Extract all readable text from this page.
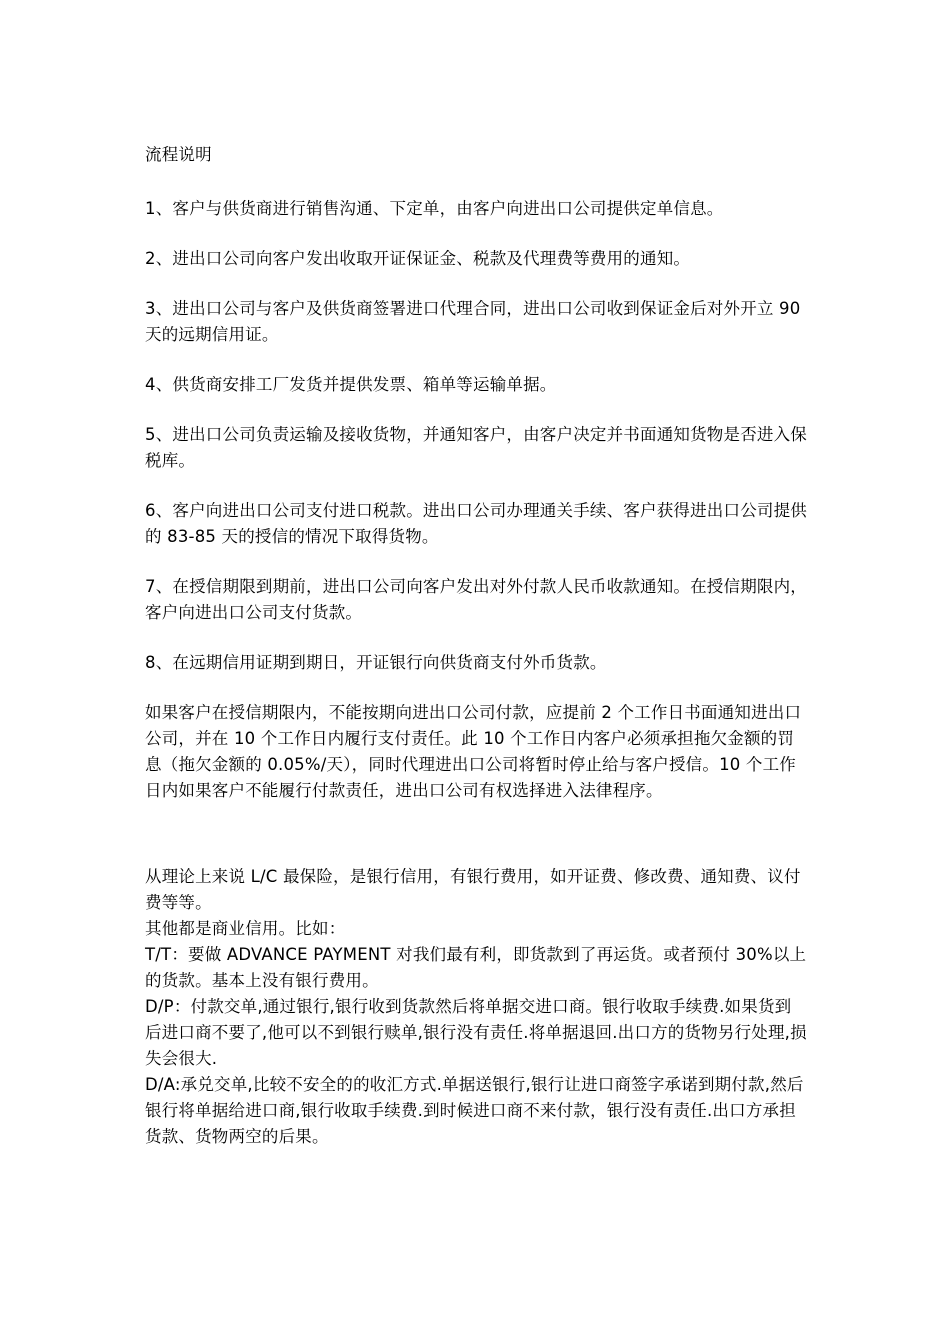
流程说明

1、客户与供货商进行销售沟通、下定单，由客户向进出口公司提供定单信息。

2、进出口公司向客户发出收取开证保证金、税款及代理费等费用的通知。

3、进出口公司与客户及供货商签署进口代理合同，进出口公司收到保证金后对外开立 90 天的远期信用证。

4、供货商安排工厂发货并提供发票、箱单等运输单据。

5、进出口公司负责运输及接收货物，并通知客户，由客户决定并书面通知货物是否进入保税库。

6、客户向进出口公司支付进口税款。进出口公司办理通关手续、客户获得进出口公司提供的 83-85 天的授信的情况下取得货物。

7、在授信期限到期前，进出口公司向客户发出对外付款人民币收款通知。在授信期限内，客户向进出口公司支付货款。

8、在远期信用证期到期日，开证银行向供货商支付外币货款。

如果客户在授信期限内，不能按期向进出口公司付款，应提前 2 个工作日书面通知进出口公司，并在 10 个工作日内履行支付责任。此 10 个工作日内客户必须承担拖欠金额的罚息（拖欠金额的 0.05%/天），同时代理进出口公司将暂时停止给与客户授信。10 个工作日内如果客户不能履行付款责任，进出口公司有权选择进入法律程序。

从理论上来说 L/C 最保险，是银行信用，有银行费用，如开证费、修改费、通知费、议付费等等。

其他都是商业信用。比如：

T/T：要做 ADVANCE PAYMENT 对我们最有利，即货款到了再运货。或者预付 30%以上的货款。基本上没有银行费用。

D/P：付款交单,通过银行,银行收到货款然后将单据交进口商。银行收取手续费.如果货到后进口商不要了,他可以不到银行赎单,银行没有责任.将单据退回.出口方的货物另行处理,损失会很大.

D/A:承兑交单,比较不安全的的收汇方式.单据送银行,银行让进口商签字承诺到期付款,然后银行将单据给进口商,银行收取手续费.到时候进口商不来付款，银行没有责任.出口方承担货款、货物两空的后果。
